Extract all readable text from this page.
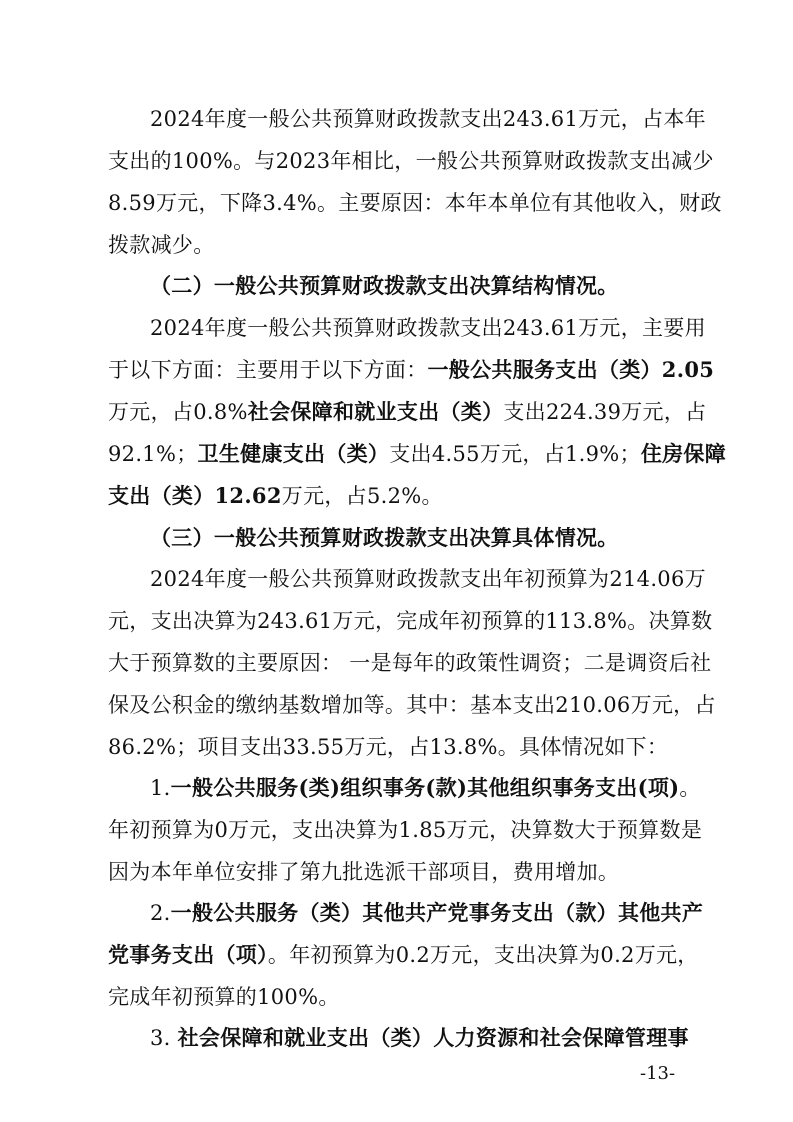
2024年度一般公共预算财政拨款支出243.61万元，占本年
支出的100%。与2023年相比，一般公共预算财政拨款支出减少
8.59万元，下降3.4%。主要原因：本年本单位有其他收入，财政
拨款减少。
（二）一般公共预算财政拨款支出决算结构情况。
2024年度一般公共预算财政拨款支出243.61万元，主要用
于以下方面：主要用于以下方面：一般公共服务支出（类）2.05
万元，占0.8%社会保障和就业支出（类）支出224.39万元，占
92.1%；卫生健康支出（类）支出4.55万元，占1.9%；住房保障
支出（类）12.62万元，占5.2%。
（三）一般公共预算财政拨款支出决算具体情况。
2024年度一般公共预算财政拨款支出年初预算为214.06万
元，支出决算为243.61万元，完成年初预算的113.8%。决算数
大于预算数的主要原因： 一是每年的政策性调资；二是调资后社
保及公积金的缴纳基数增加等。其中：基本支出210.06万元，占
86.2%；项目支出33.55万元，占13.8%。具体情况如下：
1.一般公共服务(类)组织事务(款)其他组织事务支出(项)。
年初预算为0万元，支出决算为1.85万元，决算数大于预算数是
因为本年单位安排了第九批选派干部项目，费用增加。
2.一般公共服务（类）其他共产党事务支出（款）其他共产
党事务支出（项）。年初预算为0.2万元，支出决算为0.2万元，
完成年初预算的100%。
3. 社会保障和就业支出（类）人力资源和社会保障管理事
-13-
